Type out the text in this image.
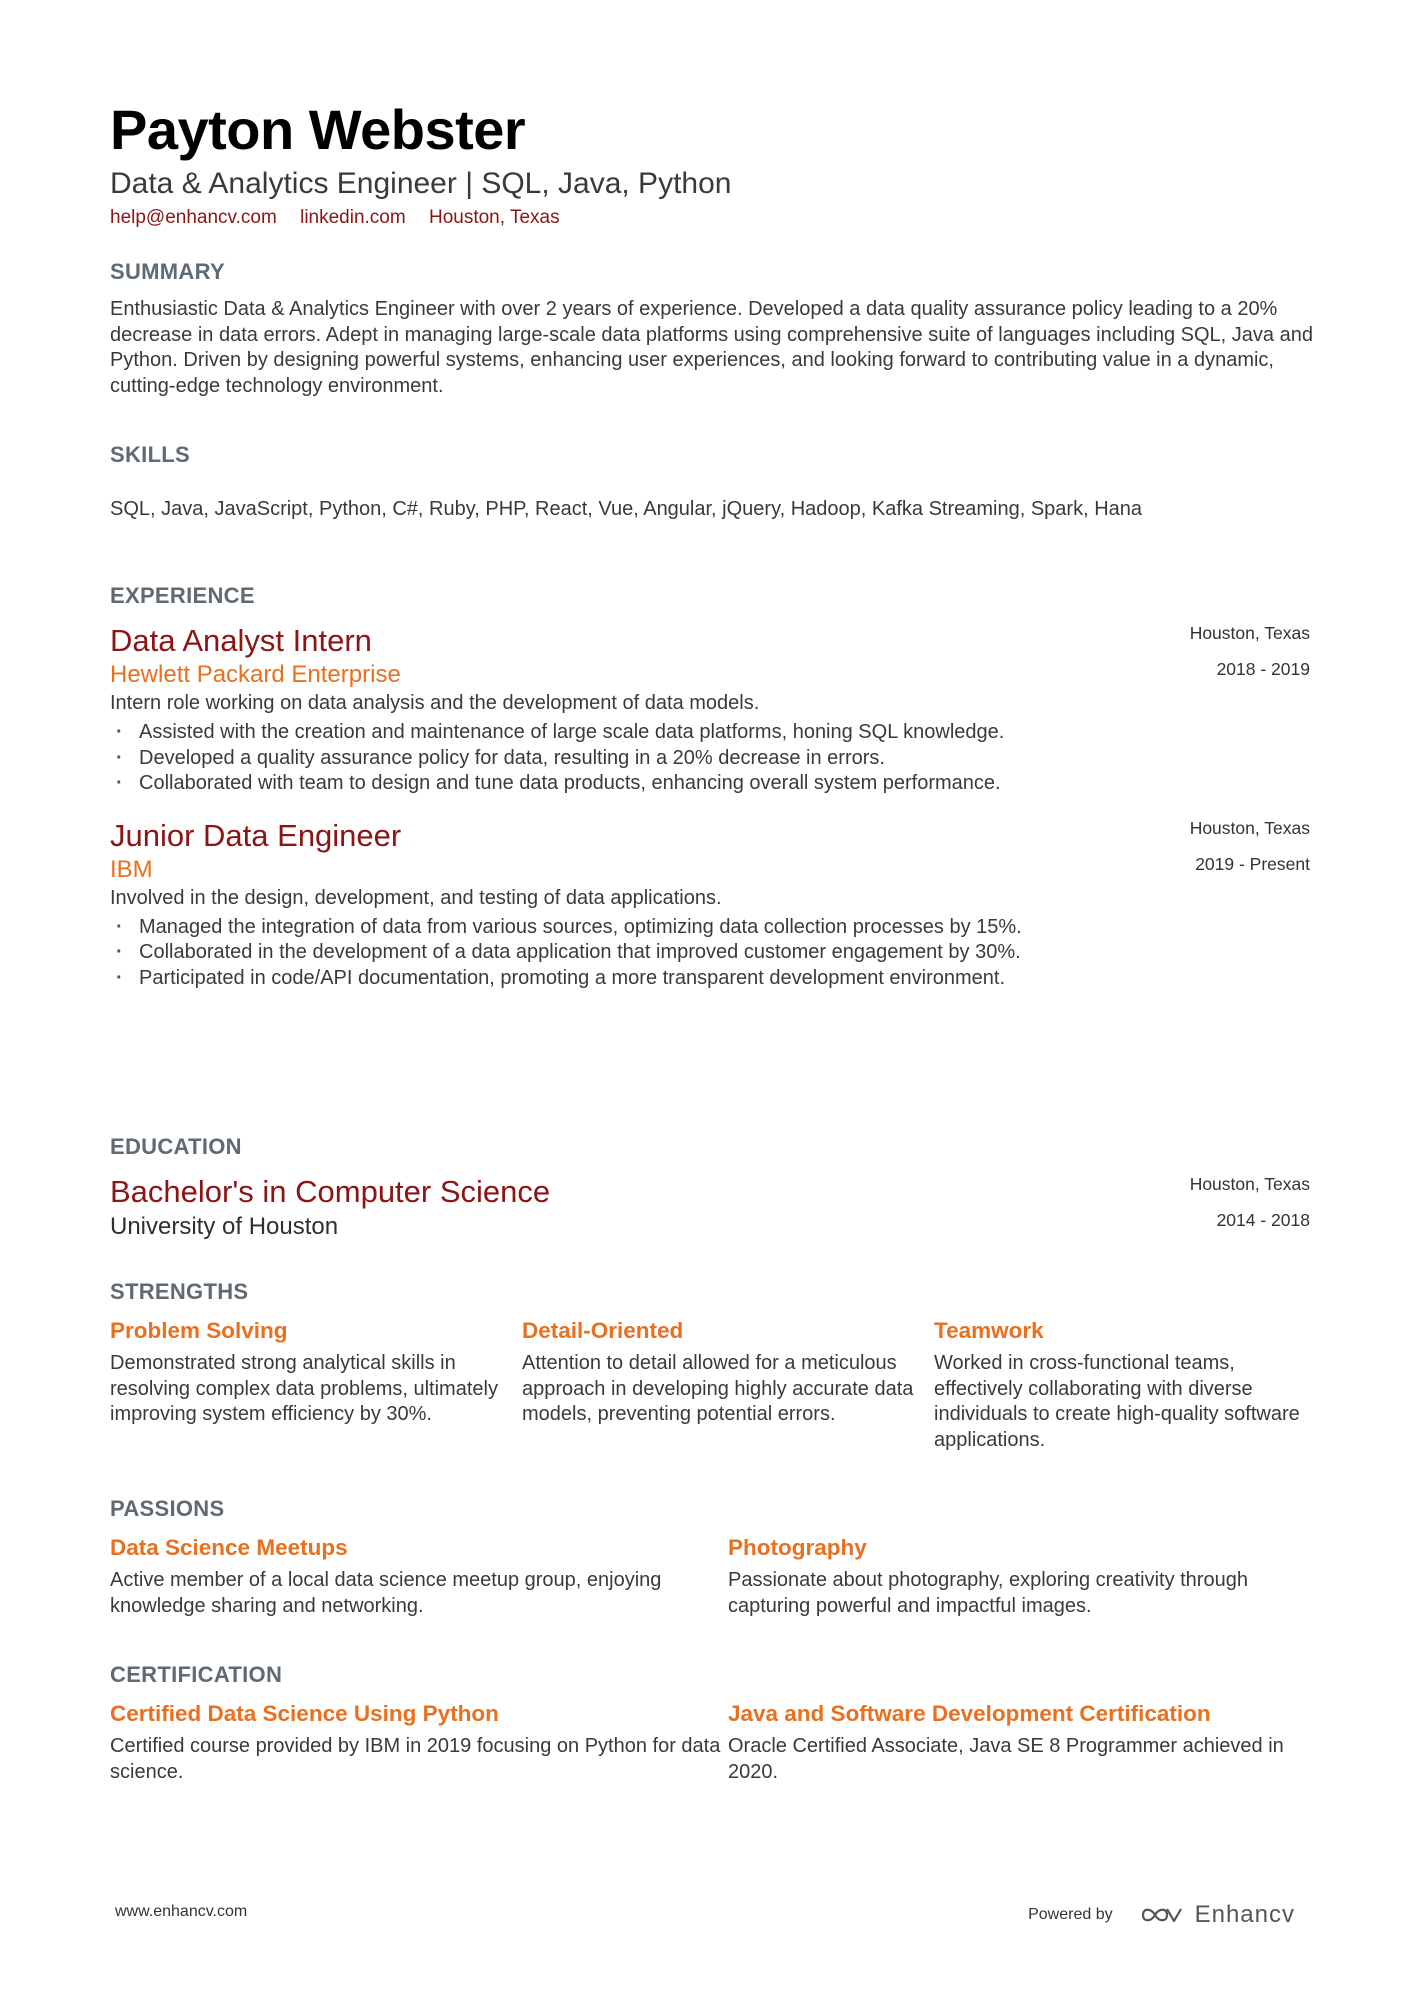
Payton Webster
Data & Analytics Engineer | SQL, Java, Python
help@enhancv.com linkedin.com Houston, Texas
SUMMARY
Enthusiastic Data & Analytics Engineer with over 2 years of experience. Developed a data quality assurance policy leading to a 20% decrease in data errors. Adept in managing large-scale data platforms using comprehensive suite of languages including SQL, Java and Python. Driven by designing powerful systems, enhancing user experiences, and looking forward to contributing value in a dynamic, cutting-edge technology environment.
SKILLS
SQL, Java, JavaScript, Python, C#, Ruby, PHP, React, Vue, Angular, jQuery, Hadoop, Kafka Streaming, Spark, Hana
EXPERIENCE
Data Analyst Intern
Hewlett Packard Enterprise
Intern role working on data analysis and the development of data models.
· Assisted with the creation and maintenance of large scale data platforms, honing SQL knowledge.
· Developed a quality assurance policy for data, resulting in a 20% decrease in errors.
· Collaborated with team to design and tune data products, enhancing overall system performance.
Houston, Texas
2018 - 2019
Junior Data Engineer
IBM
Involved in the design, development, and testing of data applications.
· Managed the integration of data from various sources, optimizing data collection processes by 15%.
· Collaborated in the development of a data application that improved customer engagement by 30%.
· Participated in code/API documentation, promoting a more transparent development environment.
Houston, Texas
2019 - Present
EDUCATION
Bachelor's in Computer Science
University of Houston
Houston, Texas
2014 - 2018
STRENGTHS
Problem Solving
Demonstrated strong analytical skills in resolving complex data problems, ultimately improving system efficiency by 30%.
Detail-Oriented
Attention to detail allowed for a meticulous approach in developing highly accurate data models, preventing potential errors.
Teamwork
Worked in cross-functional teams, effectively collaborating with diverse individuals to create high-quality software applications.
PASSIONS
Data Science Meetups
Active member of a local data science meetup group, enjoying knowledge sharing and networking.
Photography
Passionate about photography, exploring creativity through capturing powerful and impactful images.
CERTIFICATION
Certified Data Science Using Python
Certified course provided by IBM in 2019 focusing on Python for data science.
Java and Software Development Certification
Oracle Certified Associate, Java SE 8 Programmer achieved in 2020.
www.enhancv.com	Powered by	Enhancv
